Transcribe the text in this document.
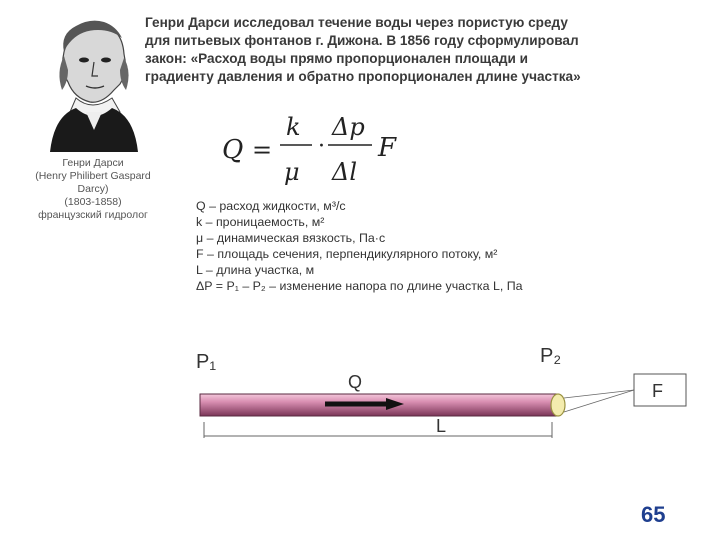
Генри Дарси
(Henry Philibert Gaspard
Darcy)
(1803-1858)
французский гидролог
Генри Дарси исследовал течение воды через пористую среду
для питьевых фонтанов г. Дижона. В 1856 году сформулировал
закон: «Расход воды прямо пропорционален площади и
градиенту давления и обратно пропорционален длине участка»
Q =
k
μ
·
Δp
Δl
F
Q – расход жидкости, м³/с
k – проницаемость, м²
μ – динамическая вязкость, Па·с
F – площадь сечения, перпендикулярного потоку, м²
L – длина участка, м
ΔP = P₁ – P₂ – изменение напора по длине участка L, Па
P₁	P₂
Q	F
L
65
